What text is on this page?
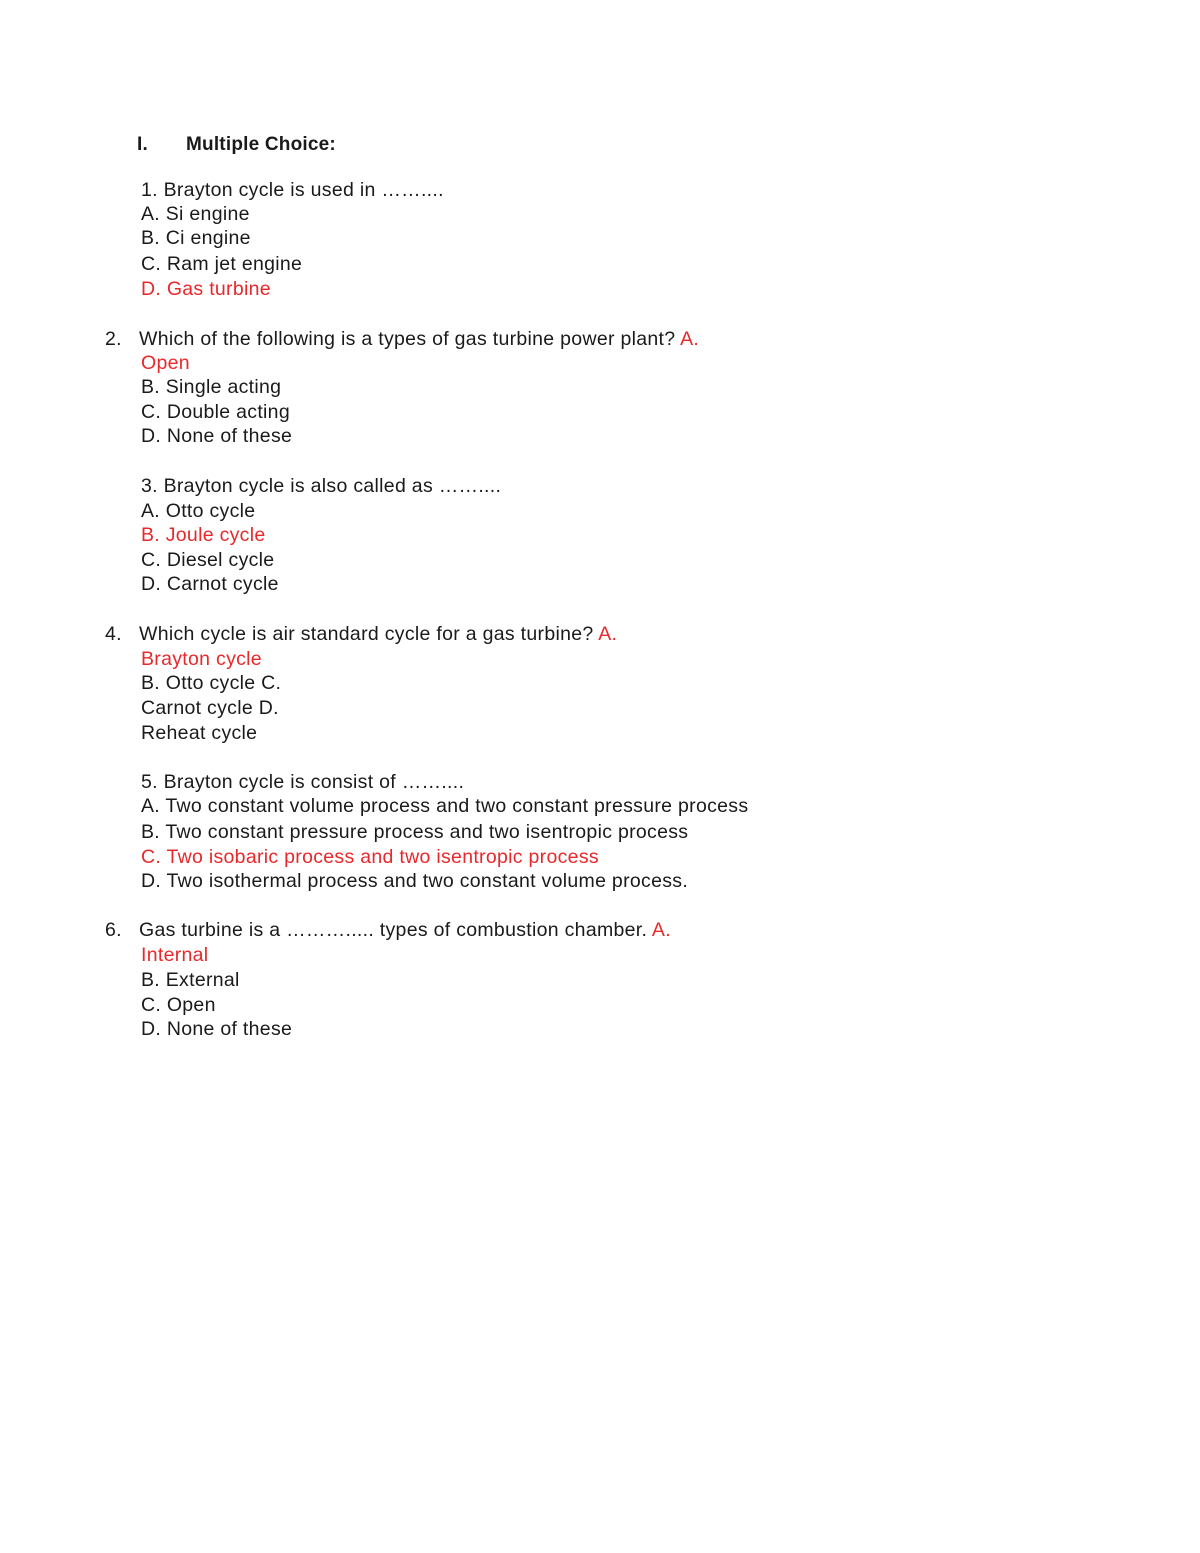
I. Multiple Choice:
1. Brayton cycle is used in ……....
A. Si engine
B. Ci engine
C. Ram jet engine
D. Gas turbine
2. Which of the following is a types of gas turbine power plant? A.
Open
B. Single acting
C. Double acting
D. None of these
3. Brayton cycle is also called as ……....
A. Otto cycle
B. Joule cycle
C. Diesel cycle
D. Carnot cycle
4. Which cycle is air standard cycle for a gas turbine? A.
Brayton cycle
B. Otto cycle C.
Carnot cycle D.
Reheat cycle
5. Brayton cycle is consist of ……....
A. Two constant volume process and two constant pressure process
B. Two constant pressure process and two isentropic process
C. Two isobaric process and two isentropic process
D. Two isothermal process and two constant volume process.
6. Gas turbine is a ………..... types of combustion chamber. A.
Internal
B. External
C. Open
D. None of these
